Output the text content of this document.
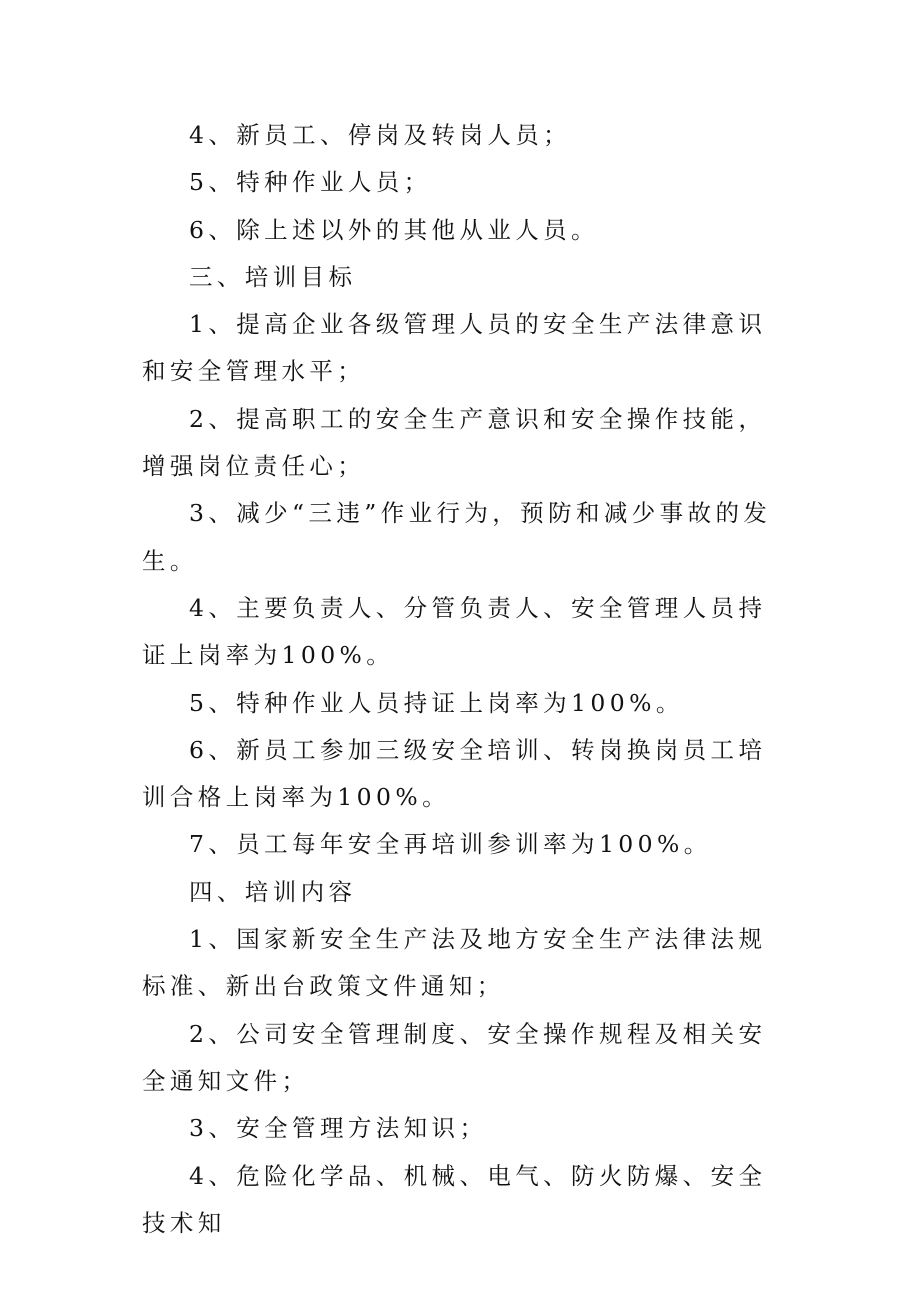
4、新员工、停岗及转岗人员；

5、特种作业人员；

6、除上述以外的其他从业人员。

三、培训目标

1、提高企业各级管理人员的安全生产法律意识和安全管理水平；

2、提高职工的安全生产意识和安全操作技能，增强岗位责任心；

3、减少“三违”作业行为，预防和减少事故的发生。

4、主要负责人、分管负责人、安全管理人员持证上岗率为100%。

5、特种作业人员持证上岗率为100%。

6、新员工参加三级安全培训、转岗换岗员工培训合格上岗率为100%。

7、员工每年安全再培训参训率为100%。

四、培训内容

1、国家新安全生产法及地方安全生产法律法规标准、新出台政策文件通知；

2、公司安全管理制度、安全操作规程及相关安全通知文件；

3、安全管理方法知识；

4、危险化学品、机械、电气、防火防爆、安全技术知
